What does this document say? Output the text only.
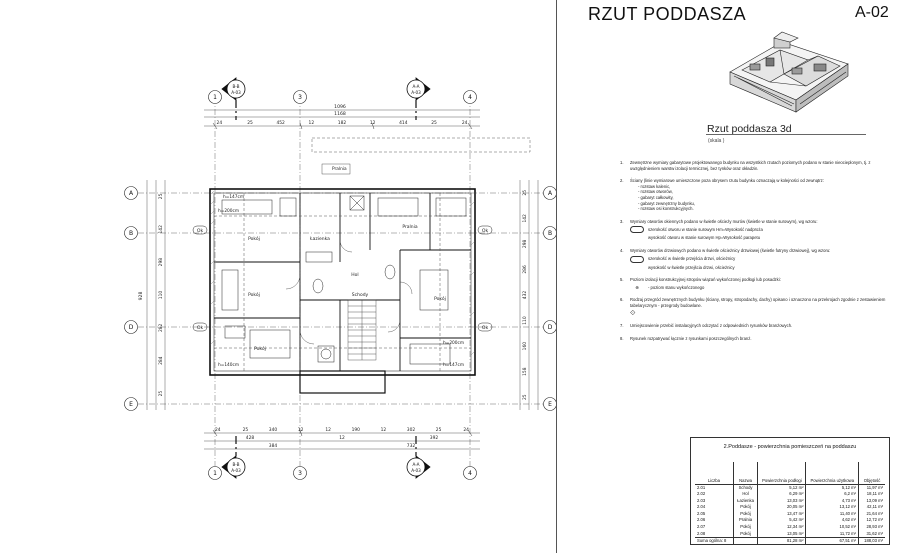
RZUT PODDASZA	A-02
Rzut poddasza 3d
(skala )
1. Zewnętrzne wymiary gabarytowe projektowanego budynku na wszystkich rzutach poziomych podano w stanie nieocieplonym, tj. z uwzględnieniem warstw izolacji termicznej, bez tynków oraz okładzin.
2. Ściany (linie wymiarowe umieszczone poza obrysem rzutu budynku oznaczają w kolejności od zewnątrz:
- rozstaw kalenic,
- rozstaw otworów,
- gabaryt całkowity,
- gabaryt zewnętrzny budynku,
- rozstaw osi konstrukcyjnych.
3. Wymiary otworów okiennych podano w świetle ościeży murów (świetle w stanie surowym), wg wzoru:
szerokość otworu w stanie surowym Hm=Wysokość nadproża
wysokość otworu w stanie surowym Hp=Wysokość parapetu
4. Wymiary otworów drzwiowych podano w świetle ościeżnicy drzwiowej (świetle futryny drzwiowej), wg wzoru:
szerokość w świetle przejścia drzwi, ościeżnicy
wysokość w świetle przejścia drzwi, ościeżnicy
5. Poziom izolacji konstrukcyjnej stropów wiązań wykończonej podłogi lub posadzki:
⊕	- poziom stanu wykończonego
6. Rodzaj przegród zewnętrznych budynku (ściany, stropy, stropodachy, dachy) opisano i oznaczono na przekrojach zgodnie z zestawieniem tabelarycznym - przegrody budowlane.
⟐
7. Umiejscowienie przebić instalacyjnych odczytać z odpowiednich rysunków branżowych.
8. Rysunek rozpatrywać łącznie z rysunkami poszczególnych branż.
2.Poddasze - powierzchnia pomieszczeń na poddaszu
Liczba	Nazwa	Powierzchnia podłogi	Powierzchnia użytkowa	Objętość
2.01	Schody	5,12 m²	5,12 m²	11,97 m³
2.02	Hol	6,29 m²	6,2 m²	18,11 m³
2.03	Łazienka	13,03 m²	4,73 m²	13,09 m³
2.04	Pokój	20,05 m²	13,12 m²	42,11 m³
2.05	Pokój	13,47 m²	11,40 m²	21,64 m³
2.06	Pralnia	5,42 m²	4,62 m²	12,72 m³
2.07	Pokój	12,34 m²	10,52 m²	28,93 m³
2.08	Pokój	13,05 m²	11,72 m²	31,62 m³
Suma ogólna: 8		81,28 m²	67,51 m²	188,03 m³
Ok
Ok
Ok
Ok
Pokój
Schody
Hol
Łazienka
Pralnia
Pokój
Pokój
Pokój
h=147cm
h=200cm
h=140cm	h=147cm
h=200cm
Pralnia
1096
1168
24	25	452	12	182	12	414	25	24
24	25	340	12	12	190	12	302	25	24
428	12	392
384	732
25
142
298
110
282
284
25
25
142
298
286
432
110
160
158
25
928
1	3	4
1	3	4
A	A
B	B
D	D
E	E
B-B
A-03
A-A
A-03
B-B
A-03
A-A
A-03
